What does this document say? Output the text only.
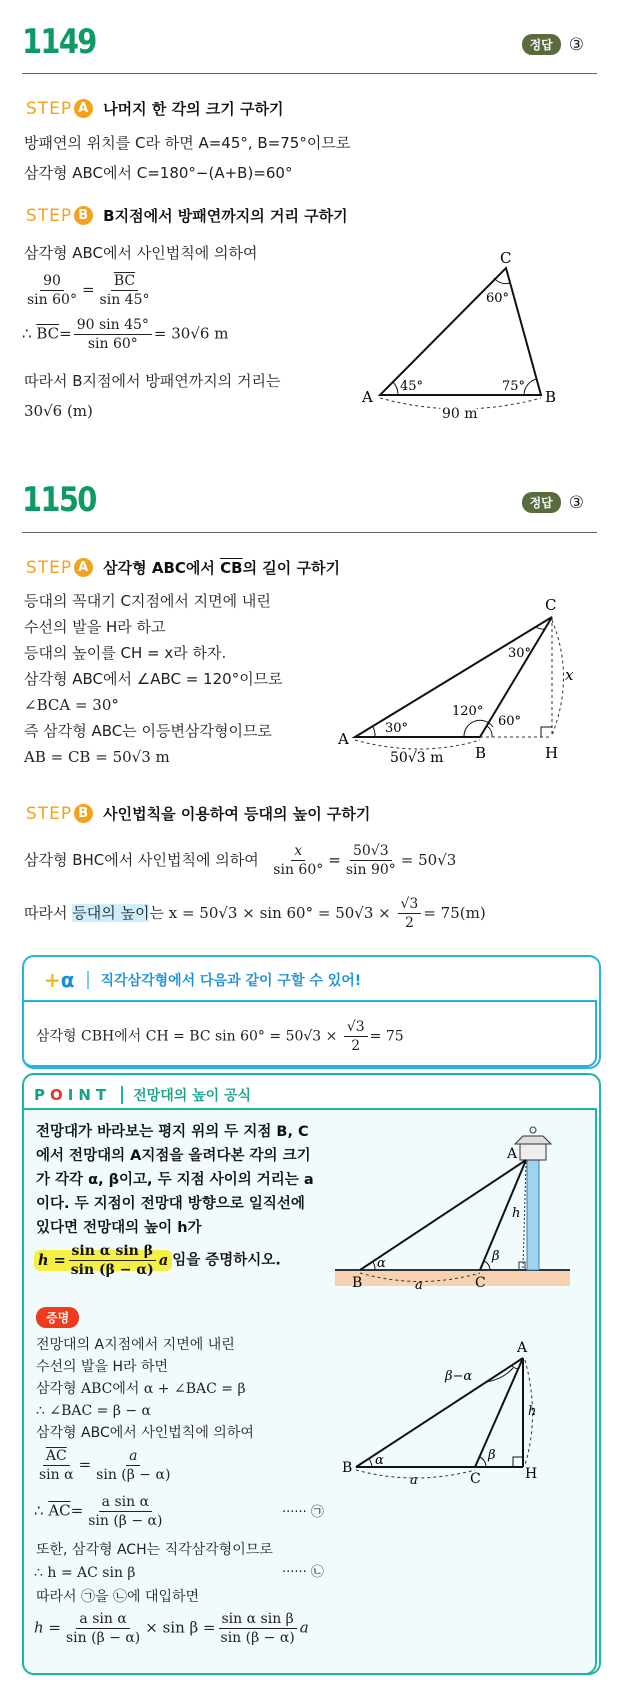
1149	정답 ③
STEP A 나머지 한 각의 크기 구하기
방패연의 위치를 C라 하면 A=45°, B=75°이므로
삼각형 ABC에서 C=180°−(A+B)=60°
STEP B B지점에서 방패연까지의 거리 구하기
삼각형 ABC에서 사인법칙에 의하여
$\frac{90}{\sin 60^\circ} = \frac{\overline{BC}}{\sin 45^\circ}$
∴ $\overline{BC}= \frac{90 \sin 45^\circ}{\sin 60^\circ} = 30√6$ m
따라서 B지점에서 방패연까지의 거리는
30√6 (m)
A	B
C
45°	75°
60°
90 m
1150	정답 ③
STEP A 삼각형 ABC에서 $\overline{CB}$의 길이 구하기
등대의 꼭대기 C지점에서 지면에 내린
수선의 발을 H라 하고
등대의 높이를 CH = x라 하자.
삼각형 ABC에서 ∠ABC = 120°이므로
∠BCA = 30°
즉 삼각형 ABC는 이등변삼각형이므로
AB = CB = 50√3 m
A
B
C
H
30°
30°
120°
60°
50√3 m
x
STEP B 사인법칙을 이용하여 등대의 높이 구하기
삼각형 BHC에서 사인법칙에 의하여 $\frac{x}{\sin 60^\circ} = \frac{50√3}{\sin 90^\circ} = 50√3$
따라서 등대의 높이는 $x = 50√3 \times \sin 60^\circ = 50√3 \times \frac{√3}{2} = 75(m)$
+α 직각삼각형에서 다음과 같이 구할 수 있어!
삼각형 CBH에서 CH = BC $\sin 60^\circ = 50√3 \times \frac{√3}{2} = 75$
POINT 전망대의 높이 공식
전망대가 바라보는 평지 위의 두 지점 B, C
에서 전망대의 A지점을 올려다본 각의 크기
가 각각 α, β이고, 두 지점 사이의 거리는 a
이다. 두 지점이 전망대 방향으로 일직선에
있다면 전망대의 높이 h가
$h = \frac{\text{sin α sin β}}{\sin (\beta - \alpha)}$ a 임을 증명하시오.
A
B	C
h
α	β
a
증명
전망대의 A지점에서 지면에 내린
수선의 발을 H라 하면
삼각형 ABC에서 α + ∠BAC = β
∴ ∠BAC = β − α
삼각형 ABC에서 사인법칙에 의하여
$\frac{\overline{AC}}{\text{sin α}} = \frac{a}{\sin (\beta - \alpha)}$
∴ $\overline{AC}= \frac{\text{a sin α}}{\sin (\beta - \alpha)}$	······ ㉠
또한, 삼각형 ACH는 직각삼각형이므로
∴ h = AC sin β	······ ㉡
따라서 ㉠을 ㉡에 대입하면
$h = \frac{\text{a sin α}}{\sin (\beta - \alpha)} \times \sin \beta = \frac{\text{sin α sin β}}{\sin (\beta - \alpha)}$ a
A
B
C	H
h
α	β
a
β−α
